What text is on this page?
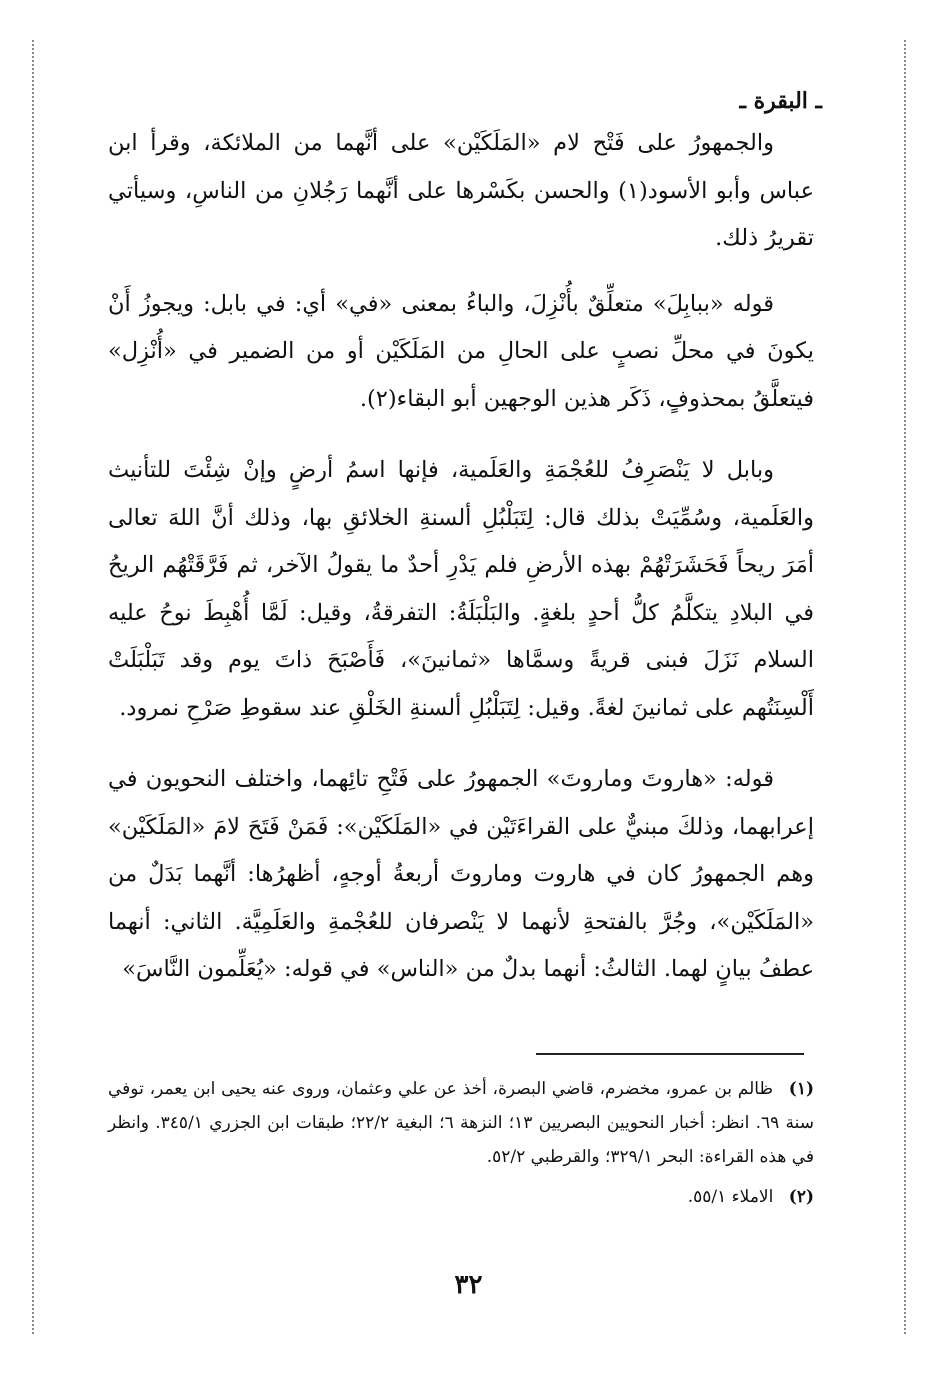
ـ البقرة ـ

والجمهورُ على فَتْح لام «المَلَكَيْن» على أنَّهما من الملائكة، وقرأ ابن عباس وأبو الأسود(١) والحسن بكَسْرها على أنَّهما رَجُلانِ من الناسِ، وسيأتي تقريرُ ذلك.

قوله «ببابِلَ» متعلِّقٌ بأُنْزِلَ، والباءُ بمعنى «في» أي: في بابل: ويجوزُ أَنْ يكونَ في محلِّ نصبٍ على الحالِ من المَلَكَيْن أو من الضمير في «أُنْزِل» فيتعلَّقُ بمحذوفٍ، ذَكَر هذين الوجهين أبو البقاء(٢).

وبابل لا يَنْصَرِفُ للعُجْمَةِ والعَلَمية، فإنها اسمُ أرضٍ وإنْ شِئْتَ للتأنيث والعَلَمية، وسُمِّيَتْ بذلك قال: لِتَبَلْبُلِ ألسنةِ الخلائقِ بها، وذلك أنَّ اللهَ تعالى أمَرَ ريحاً فَحَشَرَتْهُمْ بهذه الأرضِ فلم يَدْرِ أحدٌ ما يقولُ الآخر، ثم فَرَّقَتْهُم الريحُ في البلادِ يتكلَّمُ كلُّ أحدٍ بلغةٍ. والبَلْبَلَةُ: التفرقةُ، وقيل: لَمَّا أُهْبِطَ نوحُ عليه السلام نَزَلَ فبنى قريةً وسمَّاها «ثمانينَ»، فَأَصْبَحَ ذاتَ يوم وقد تَبَلْبَلَتْ أَلْسِنَتُهم على ثمانينَ لغةً. وقيل: لِتَبَلْبُلِ ألسنةِ الخَلْقِ عند سقوطِ صَرْحِ نمرود.

قوله: «هاروتَ وماروتَ» الجمهورُ على فَتْحِ تائِهما، واختلف النحويون في إعرابهما، وذلكَ مبنيٌّ على القراءَتَيْن في «المَلَكَيْن»: فَمَنْ فَتَحَ لامَ «المَلَكَيْن» وهم الجمهورُ كان في هاروت وماروتَ أربعةُ أوجهٍ، أظهرُها: أنَّهما بَدَلٌ من «المَلَكَيْن»، وجُرَّ بالفتحةِ لأنهما لا يَنْصرفان للعُجْمةِ والعَلَمِيَّة. الثاني: أنهما عطفُ بيانٍ لهما. الثالثُ: أنهما بدلٌ من «الناس» في قوله: «يُعَلِّمون النَّاسَ»

(١) ظالم بن عمرو، مخضرم، قاضي البصرة، أخذ عن علي وعثمان، وروى عنه يحيى ابن يعمر، توفي سنة ٦٩. انظر: أخبار النحويين البصريين ١٣؛ النزهة ٦؛ البغية ٢٢/٢؛ طبقات ابن الجزري ٣٤٥/١. وانظر في هذه القراءة: البحر ٣٢٩/١؛ والقرطبي ٥٢/٢.

(٢) الاملاء ٥٥/١.

٣٢
